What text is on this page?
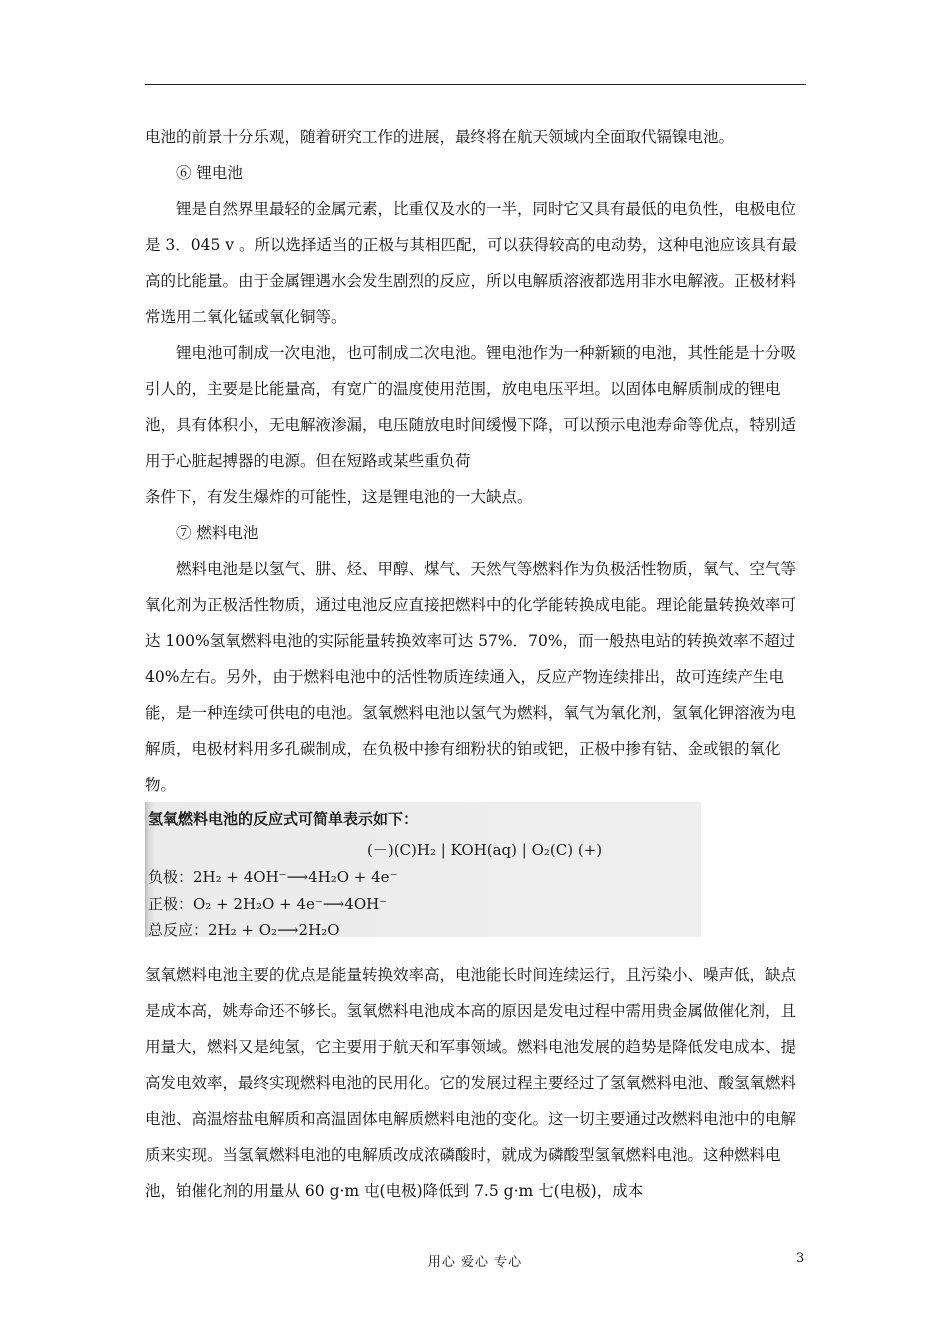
电池的前景十分乐观，随着研究工作的进展，最终将在航天领域内全面取代镉镍电池。

⑥ 锂电池

锂是自然界里最轻的金属元素，比重仅及水的一半，同时它又具有最低的电负性，电极电位是 3．045 v 。所以选择适当的正极与其相匹配，可以获得较高的电动势，这种电池应该具有最高的比能量。由于金属锂遇水会发生剧烈的反应，所以电解质溶液都选用非水电解液。正极材料常选用二氧化锰或氧化铜等。

锂电池可制成一次电池，也可制成二次电池。锂电池作为一种新颖的电池，其性能是十分吸引人的，主要是比能量高，有宽广的温度使用范围，放电电压平坦。以固体电解质制成的锂电池，具有体积小，无电解液渗漏，电压随放电时间缓慢下降，可以预示电池寿命等优点，特别适用于心脏起搏器的电源。但在短路或某些重负荷

条件下，有发生爆炸的可能性，这是锂电池的一大缺点。

⑦ 燃料电池

燃料电池是以氢气、肼、烃、甲醇、煤气、天然气等燃料作为负极活性物质，氧气、空气等氧化剂为正极活性物质，通过电池反应直接把燃料中的化学能转换成电能。理论能量转换效率可达 100%氢氧燃料电池的实际能量转换效率可达 57%．70%，而一般热电站的转换效率不超过 40%左右。另外，由于燃料电池中的活性物质连续通入，反应产物连续排出，故可连续产生电能，是一种连续可供电的电池。氢氧燃料电池以氢气为燃料，氧气为氧化剂，氢氧化钾溶液为电解质，电极材料用多孔碳制成，在负极中掺有细粉状的铂或钯，正极中掺有钴、金或银的氧化物。

氢氧燃料电池的反应式可简单表示如下：
(－)(C)H₂ | KOH(aq) | O₂(C) (+)
负极：2H₂ + 4OH⁻⟶4H₂O + 4e⁻
正极：O₂ + 2H₂O + 4e⁻⟶4OH⁻
总反应：2H₂ + O₂⟶2H₂O

氢氧燃料电池主要的优点是能量转换效率高，电池能长时间连续运行，且污染小、噪声低，缺点是成本高，姚寿命还不够长。氢氧燃料电池成本高的原因是发电过程中需用贵金属做催化剂，且用量大，燃料又是纯氢，它主要用于航天和军事领域。燃料电池发展的趋势是降低发电成本、提高发电效率，最终实现燃料电池的民用化。它的发展过程主要经过了氢氧燃料电池、酸氢氧燃料电池、高温熔盐电解质和高温固体电解质燃料电池的变化。这一切主要通过改燃料电池中的电解质来实现。当氢氧燃料电池的电解质改成浓磷酸时，就成为磷酸型氢氧燃料电池。这种燃料电池，铂催化剂的用量从 60 g·m 屯(电极)降低到 7.5 g·m 七(电极)，成本

用心 爱心 专心	3
